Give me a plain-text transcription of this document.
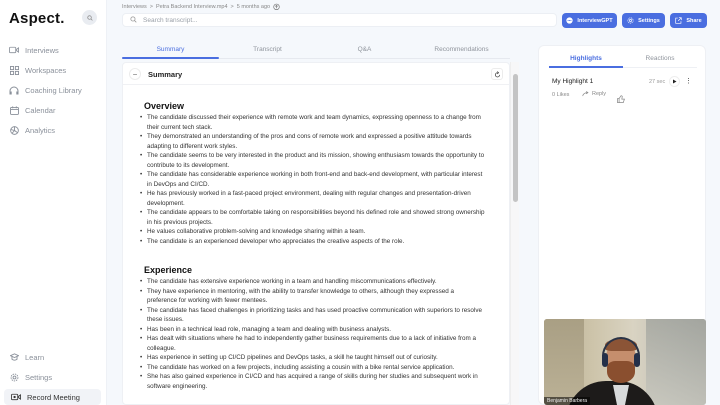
Aspect.
Interviews
Workspaces
Coaching Library
Calendar
Analytics
Learn
Settings
Record Meeting
Interviews > Petra Backend Interview.mp4 > 5 months ago
Search transcript...
InterviewGPT	Settings	Share
Summary	Transcript	Q&A	Recommendations
− Summary
Overview
• The candidate discussed their experience with remote work and team dynamics, expressing openness to a change from their current tech stack.
• They demonstrated an understanding of the pros and cons of remote work and expressed a positive attitude towards adapting to different work styles.
• The candidate seems to be very interested in the product and its mission, showing enthusiasm towards the opportunity to contribute to its development.
• The candidate has considerable experience working in both front-end and back-end development, with particular interest in DevOps and CI/CD.
• He has previously worked in a fast-paced project environment, dealing with regular changes and presentation-driven development.
• The candidate appears to be comfortable taking on responsibilities beyond his defined role and showed strong ownership in his previous projects.
• He values collaborative problem-solving and knowledge sharing within a team.
• The candidate is an experienced developer who appreciates the creative aspects of the role.
Experience
• The candidate has extensive experience working in a team and handling miscommunications effectively.
• They have experience in mentoring, with the ability to transfer knowledge to others, although they expressed a preference for working with fewer mentees.
• The candidate has faced challenges in prioritizing tasks and has used proactive communication with superiors to resolve these issues.
• Has been in a technical lead role, managing a team and dealing with business analysts.
• Has dealt with situations where he had to independently gather business requirements due to a lack of initiative from a colleague.
• Has experience in setting up CI/CD pipelines and DevOps tasks, a skill he taught himself out of curiosity.
• The candidate has worked on a few projects, including assisting a cousin with a bike rental service application.
• She has also gained experience in CI/CD and has acquired a range of skills during her studies and subsequent work in software engineering.
Highlights	Reactions
My Highlight 1	27 sec	⋮
0 Likes	Reply
Benjamin Barbera
